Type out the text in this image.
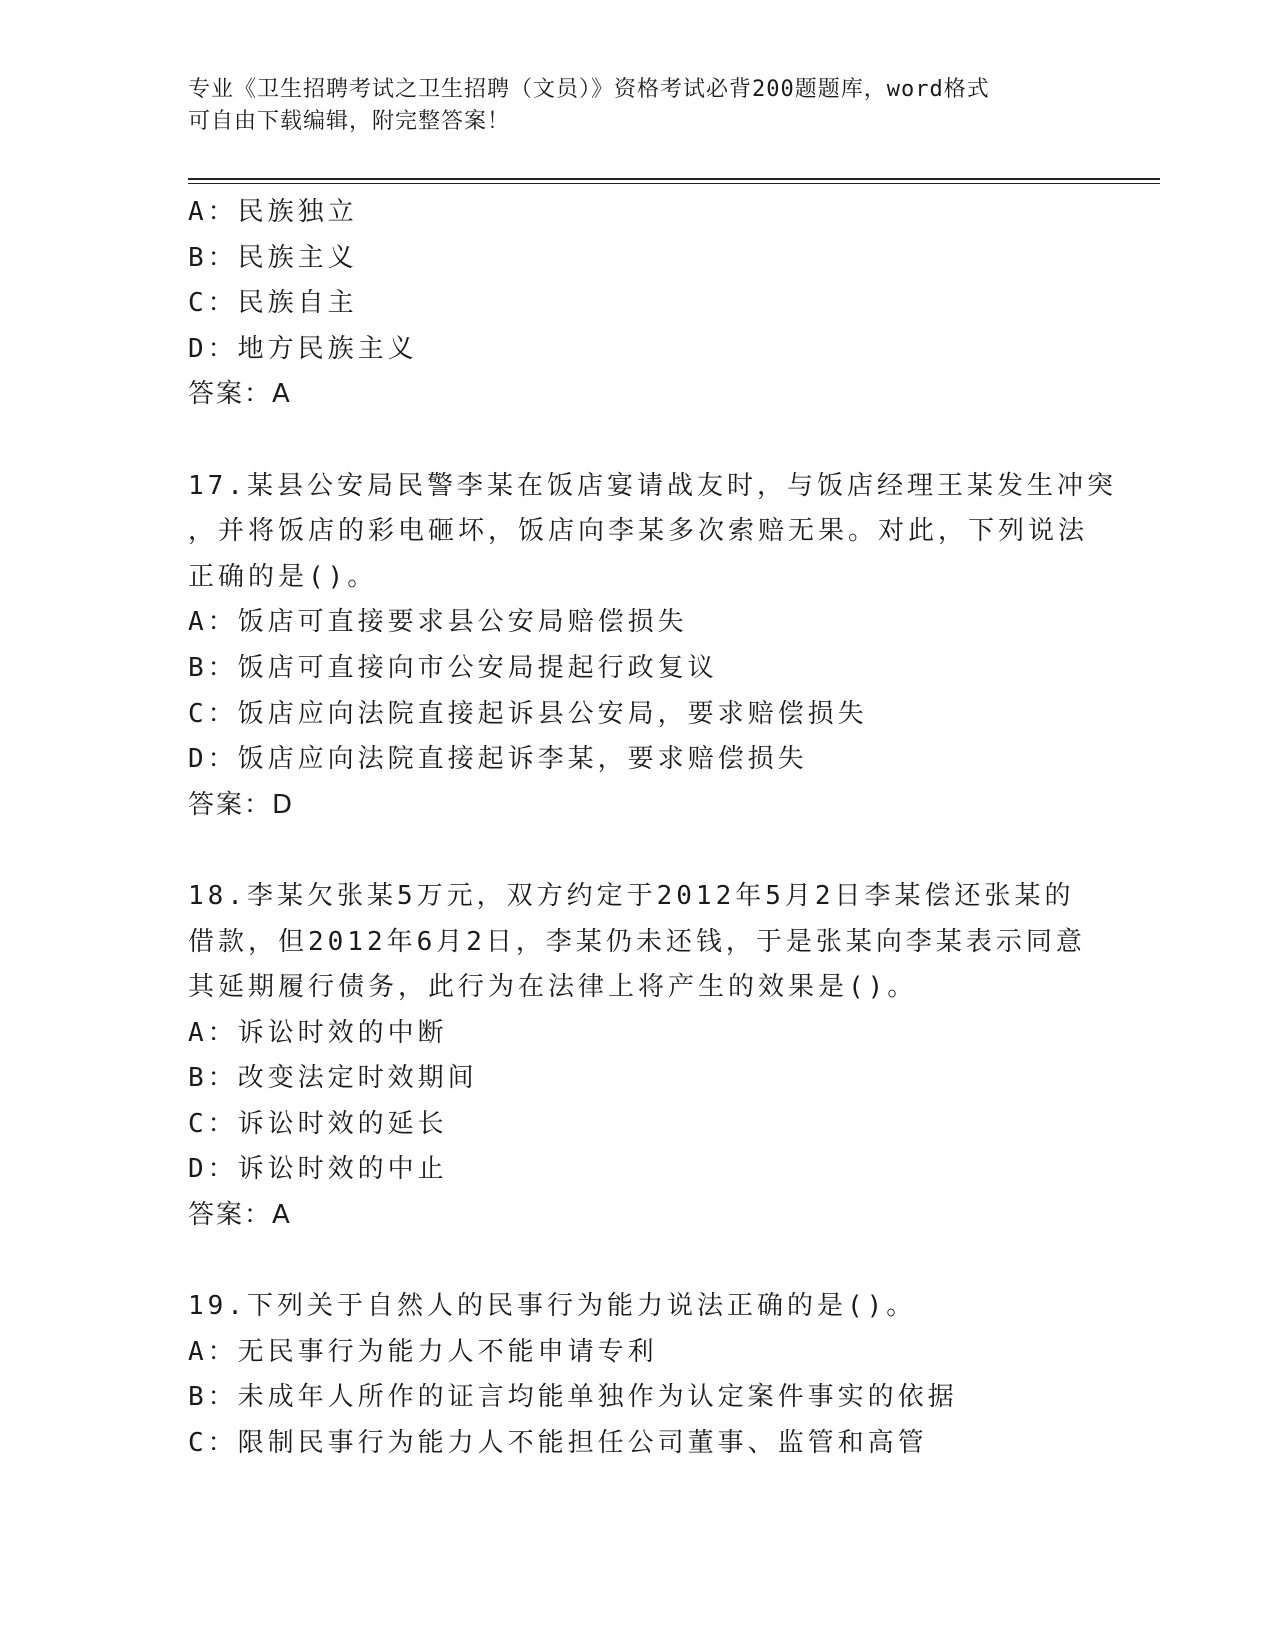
专业《卫生招聘考试之卫生招聘（文员）》资格考试必背200题题库，word格式
可自由下载编辑，附完整答案！
A：民族独立
B：民族主义
C：民族自主
D：地方民族主义
答案：A
17.某县公安局民警李某在饭店宴请战友时，与饭店经理王某发生冲突
，并将饭店的彩电砸坏，饭店向李某多次索赔无果。对此，下列说法
正确的是()。
A：饭店可直接要求县公安局赔偿损失
B：饭店可直接向市公安局提起行政复议
C：饭店应向法院直接起诉县公安局，要求赔偿损失
D：饭店应向法院直接起诉李某，要求赔偿损失
答案：D
18.李某欠张某5万元，双方约定于2012年5月2日李某偿还张某的
借款，但2012年6月2日，李某仍未还钱，于是张某向李某表示同意
其延期履行债务，此行为在法律上将产生的效果是()。
A：诉讼时效的中断
B：改变法定时效期间
C：诉讼时效的延长
D：诉讼时效的中止
答案：A
19.下列关于自然人的民事行为能力说法正确的是()。
A：无民事行为能力人不能申请专利
B：未成年人所作的证言均能单独作为认定案件事实的依据
C：限制民事行为能力人不能担任公司董事、监管和高管
